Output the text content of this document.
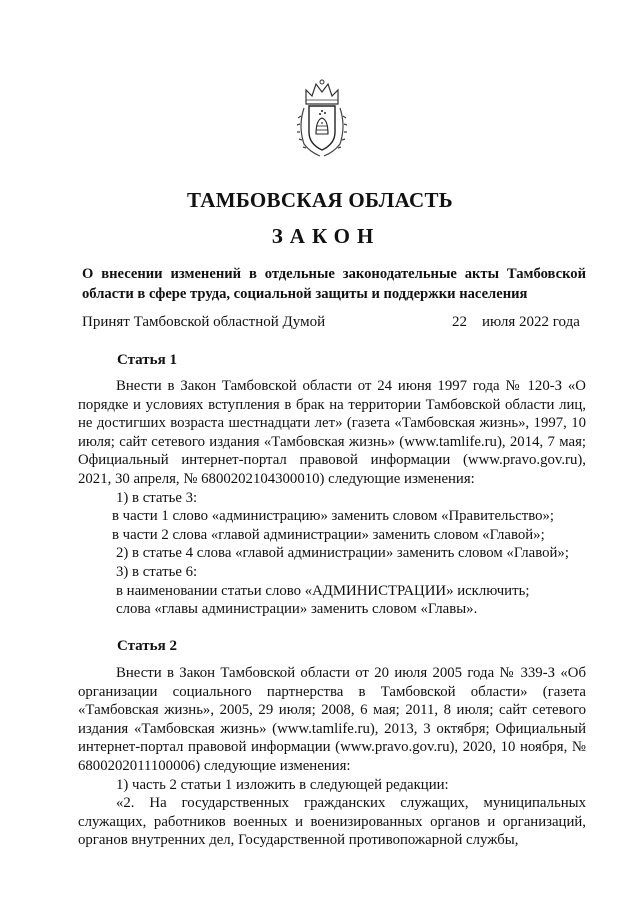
ТАМБОВСКАЯ ОБЛАСТЬ
ЗАКОН
О внесении изменений в отдельные законодательные акты Тамбовской области в сфере труда, социальной защиты и поддержки населения
Принят Тамбовской областной Думой	22    июля 2022 года
Статья 1

Внести в Закон Тамбовской области от 24 июня 1997 года № 120-З «О порядке и условиях вступления в брак на территории Тамбовской области лиц, не достигших возраста шестнадцати лет» (газета «Тамбовская жизнь», 1997, 10 июля; сайт сетевого издания «Тамбовская жизнь» (www.tamlife.ru), 2014, 7 мая; Официальный интернет-портал правовой информации (www.pravo.gov.ru), 2021, 30 апреля, № 6800202104300010) следующие изменения:

1) в статье 3:

в части 1 слово «администрацию» заменить словом «Правительство»;

в части 2 слова «главой администрации» заменить словом «Главой»;

2) в статье 4 слова «главой администрации» заменить словом «Главой»;

3) в статье 6:

в наименовании статьи слово «АДМИНИСТРАЦИИ» исключить;

слова «главы администрации» заменить словом «Главы».

Статья 2

Внести в Закон Тамбовской области от 20 июля 2005 года № 339-З «Об организации социального партнерства в Тамбовской области» (газета «Тамбовская жизнь», 2005, 29 июля; 2008, 6 мая; 2011, 8 июля; сайт сетевого издания «Тамбовская жизнь» (www.tamlife.ru), 2013, 3 октября; Официальный интернет-портал правовой информации (www.pravo.gov.ru), 2020, 10 ноября, № 6800202011100006) следующие изменения:

1) часть 2 статьи 1 изложить в следующей редакции:

«2. На государственных гражданских служащих, муниципальных служащих, работников военных и военизированных органов и организаций, органов внутренних дел, Государственной противопожарной службы,
